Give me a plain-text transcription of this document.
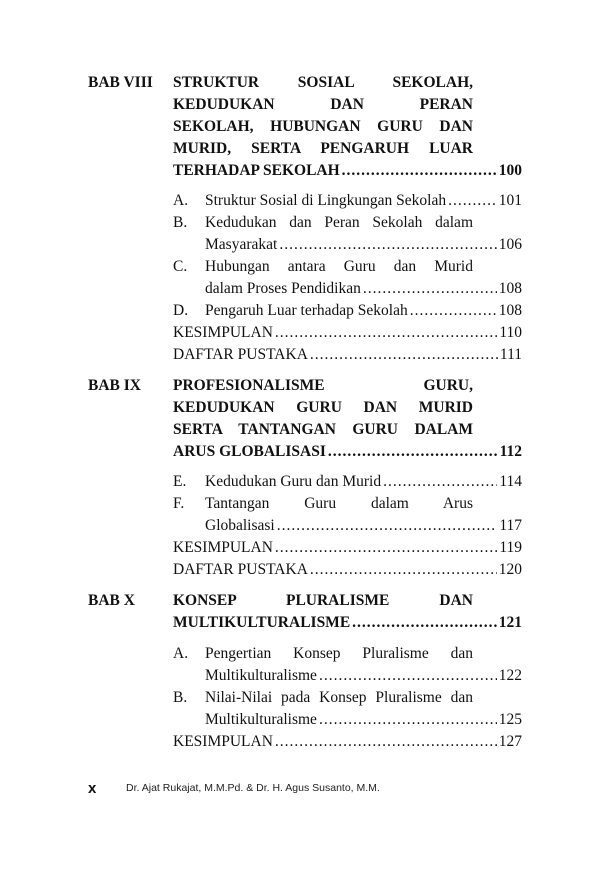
BAB VIII	STRUKTUR SOSIAL SEKOLAH,
KEDUDUKAN DAN PERAN
SEKOLAH, HUBUNGAN GURU DAN
MURID, SERTA PENGARUH LUAR
TERHADAP SEKOLAH .....	100
A. Struktur Sosial di Lingkungan Sekolah .....	101
B. Kedudukan dan Peran Sekolah dalam
Masyarakat .....	106
C. Hubungan antara Guru dan Murid
dalam Proses Pendidikan .....	108
D. Pengaruh Luar terhadap Sekolah .....	108
KESIMPULAN .....	110
DAFTAR PUSTAKA .....	111
BAB IX	PROFESIONALISME GURU,
KEDUDUKAN GURU DAN MURID
SERTA TANTANGAN GURU DALAM
ARUS GLOBALISASI .....	112
E. Kedudukan Guru dan Murid .....	114
F. Tantangan Guru dalam Arus
Globalisasi .....	117
KESIMPULAN .....	119
DAFTAR PUSTAKA .....	120
BAB X	KONSEP PLURALISME DAN
MULTIKULTURALISME .....	121
A. Pengertian Konsep Pluralisme dan
Multikulturalisme .....	122
B. Nilai-Nilai pada Konsep Pluralisme dan
Multikulturalisme .....	125
KESIMPULAN .....	127
x	Dr. Ajat Rukajat, M.M.Pd. & Dr. H. Agus Susanto, M.M.
